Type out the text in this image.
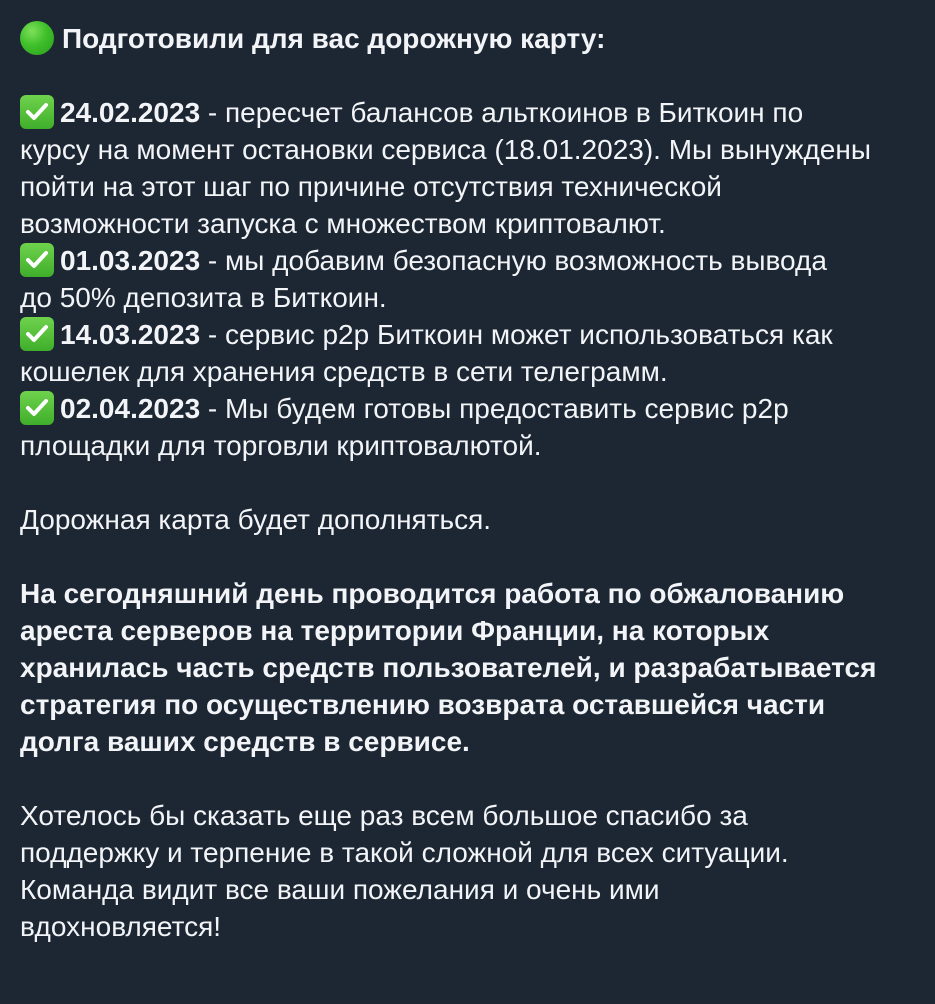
Подготовили для вас дорожную карту:
24.02.2023 - пересчет балансов альткоинов в Биткоин по
курсу на момент остановки сервиса (18.01.2023). Мы вынуждены
пойти на этот шаг по причине отсутствия технической
возможности запуска с множеством криптовалют.
01.03.2023 - мы добавим безопасную возможность вывода
до 50% депозита в Биткоин.
14.03.2023 - сервис p2p Биткоин может использоваться как
кошелек для хранения средств в сети телеграмм.
02.04.2023 - Мы будем готовы предоставить сервис p2p
площадки для торговли криптовалютой.
Дорожная карта будет дополняться.
На сегодняшний день проводится работа по обжалованию
ареста серверов на территории Франции, на которых
хранилась часть средств пользователей, и разрабатывается
стратегия по осуществлению возврата оставшейся части
долга ваших средств в сервисе.
Хотелось бы сказать еще раз всем большое спасибо за
поддержку и терпение в такой сложной для всех ситуации.
Команда видит все ваши пожелания и очень ими
вдохновляется!
